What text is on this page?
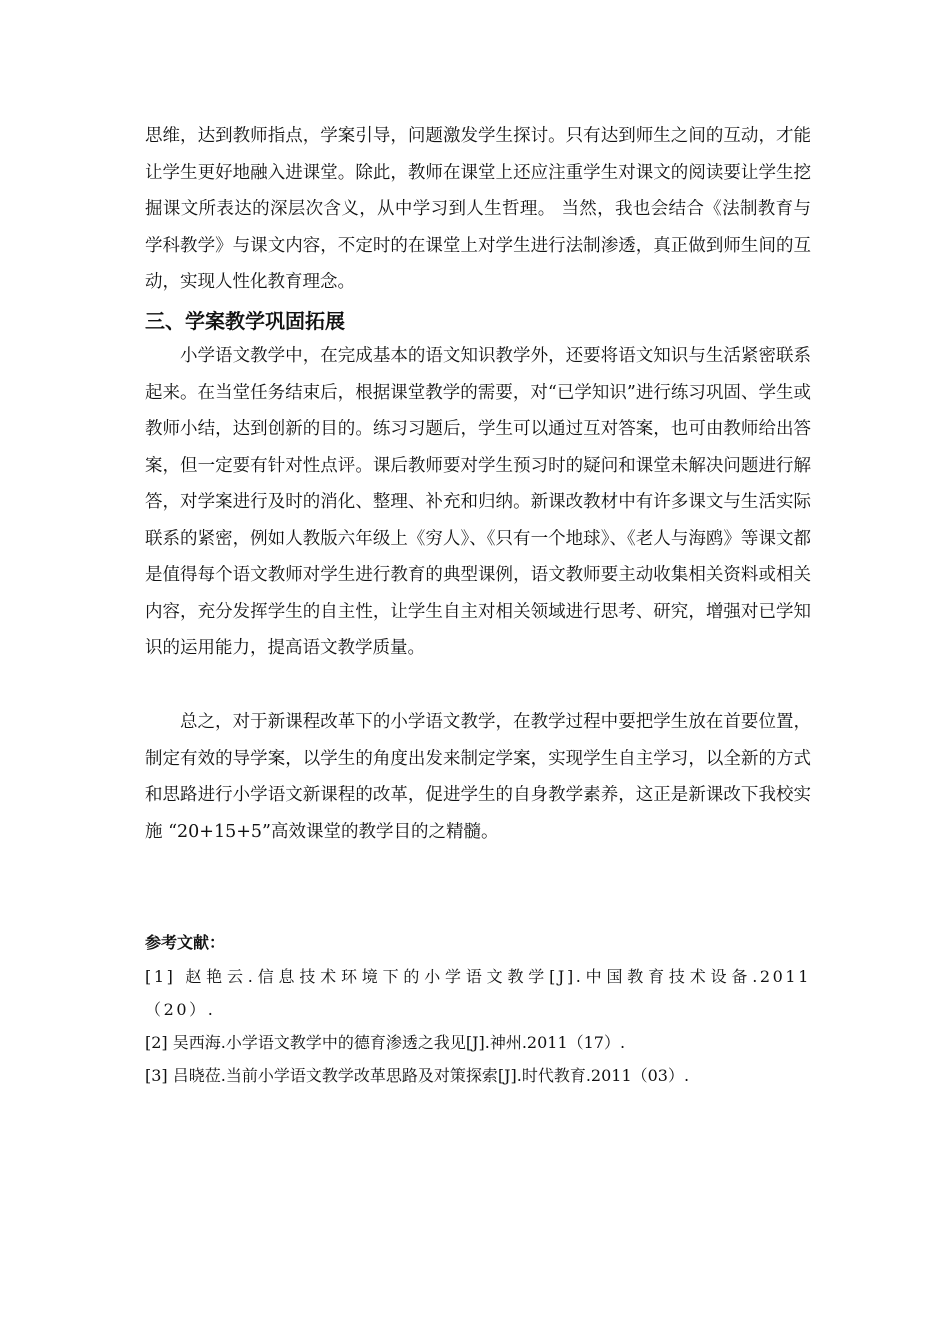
思维，达到教师指点，学案引导，问题激发学生探讨。只有达到师生之间的互动，才能让学生更好地融入进课堂。除此，教师在课堂上还应注重学生对课文的阅读要让学生挖掘课文所表达的深层次含义，从中学习到人生哲理。 当然，我也会结合《法制教育与学科教学》与课文内容，不定时的在课堂上对学生进行法制渗透，真正做到师生间的互动，实现人性化教育理念。

三、学案教学巩固拓展

小学语文教学中，在完成基本的语文知识教学外，还要将语文知识与生活紧密联系起来。在当堂任务结束后，根据课堂教学的需要，对“已学知识”进行练习巩固、学生或教师小结，达到创新的目的。练习习题后，学生可以通过互对答案，也可由教师给出答案，但一定要有针对性点评。课后教师要对学生预习时的疑问和课堂未解决问题进行解答，对学案进行及时的消化、整理、补充和归纳。新课改教材中有许多课文与生活实际联系的紧密，例如人教版六年级上《穷人》、《只有一个地球》、《老人与海鸥》等课文都是值得每个语文教师对学生进行教育的典型课例，语文教师要主动收集相关资料或相关内容，充分发挥学生的自主性，让学生自主对相关领域进行思考、研究，增强对已学知识的运用能力，提高语文教学质量。

总之，对于新课程改革下的小学语文教学，在教学过程中要把学生放在首要位置，制定有效的导学案，以学生的角度出发来制定学案，实现学生自主学习，以全新的方式和思路进行小学语文新课程的改革，促进学生的自身教学素养，这正是新课改下我校实施 “20+15+5”高效课堂的教学目的之精髓。

参考文献：
[1] 赵艳云.信息技术环境下的小学语文教学[J].中国教育技术设备.2011（20）.
[2] 吴西海.小学语文教学中的德育渗透之我见[J].神州.2011（17）.
[3] 吕晓莅.当前小学语文教学改革思路及对策探索[J].时代教育.2011（03）.
